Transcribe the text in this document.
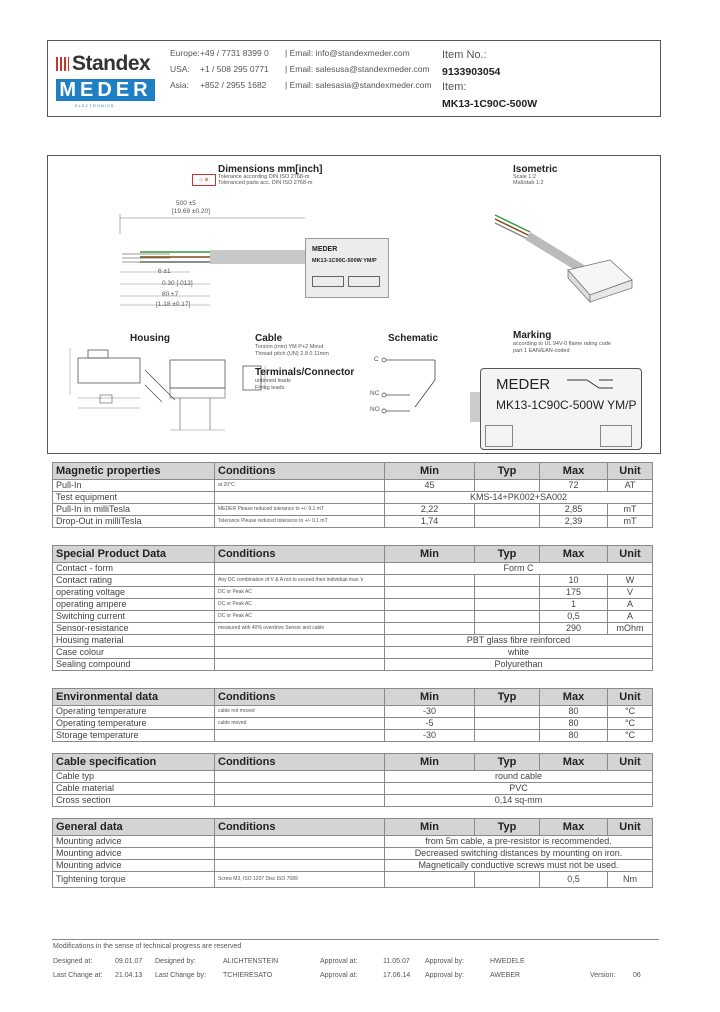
Standex
MEDER
ELECTRONICS
Europe: +49 / 7731 8399 0 | Email: info@standexmeder.com
USA: +1 / 508 295 0771 | Email: salesusa@standexmeder.com
Asia: +852 / 2955 1682 | Email: salesasia@standexmeder.com
Item No.:
9133903054
Item:
MK13-1C90C-500W
Dimensions mm[inch]
◇ ⊕	Tolerance according DIN ISO 2768-m
Toleranced parts acc. DIN ISO 2768-m
500 ±5
[19.69 ±0.20]
6 ±1
0.30 [.012]
80 ±7
[1.18 ±0.17]
MEDER
MK13-1C90C-500W YM/P
Isometric
Scale 1:2
Maßstab 1:2
Housing	Cable
Torsion (mm) YM P+2 Minut
Thread pitch (UN) 2.8 0.11mm
Terminals/Connector
untinned leads
Flying leads
Schematic
C
NC
NO
Marking
according to UL 94V-0 flame rating code
part 1 EAN/EAN-coded
MEDER
MK13-1C90C-500W YM/P
Magnetic properties	Conditions	Min	Typ	Max	Unit
Pull-In	at 20°C	45		72	AT
Test equipment		KMS-14+PK002+SA002			
Pull-In in milliTesla	MEDER Please reduced tolerance to +/- 0.1 mT	2,22		2,85	mT
Drop-Out in milliTesla	Tolerance Please reduced tolerance to +/- 0.1 mT	1,74		2,39	mT
Special Product Data	Conditions	Min	Typ	Max	Unit
Contact - form		Form C			
Contact rating	Any DC combination of V & A not to exceed their individual max.'s			10	W
operating voltage	DC or Peak AC			175	V
operating ampere	DC or Peak AC			1	A
Switching current	DC or Peak AC			0,5	A
Sensor-resistance	measured with 40% overdrive Sensor and cable			290	mOhm
Housing material		PBT glass fibre reinforced			
Case colour		white			
Sealing compound		Polyurethan			
Environmental data	Conditions	Min	Typ	Max	Unit
Operating temperature	cable not moved	-30		80	°C
Operating temperature	cable moved	-5		80	°C
Storage temperature		-30		80	°C
Cable specification	Conditions	Min	Typ	Max	Unit
Cable typ		round cable			
Cable material		PVC			
Cross section		0,14 sq-mm			
General data	Conditions	Min	Typ	Max	Unit
Mounting advice		from 5m cable, a pre-resistor is recommended.			
Mounting advice		Decreased switching distances by mounting on iron.			
Mounting advice		Magnetically conductive screws must not be used.			
Tightening torque	Screw M3, ISO 1207 Disc ISO 7089			0,5	Nm
Modifications in the sense of technical progress are reserved
Designed at:	09.01.07 Designed by:	ALICHTENSTEIN	Approval at:	11.05.07 Approval by:	HWEDELE
Last Change at: 21.04.13 Last Change by: TCHIERESATO	Approval at:	17.06.14 Approval by:	AWEBER	Version:	06
